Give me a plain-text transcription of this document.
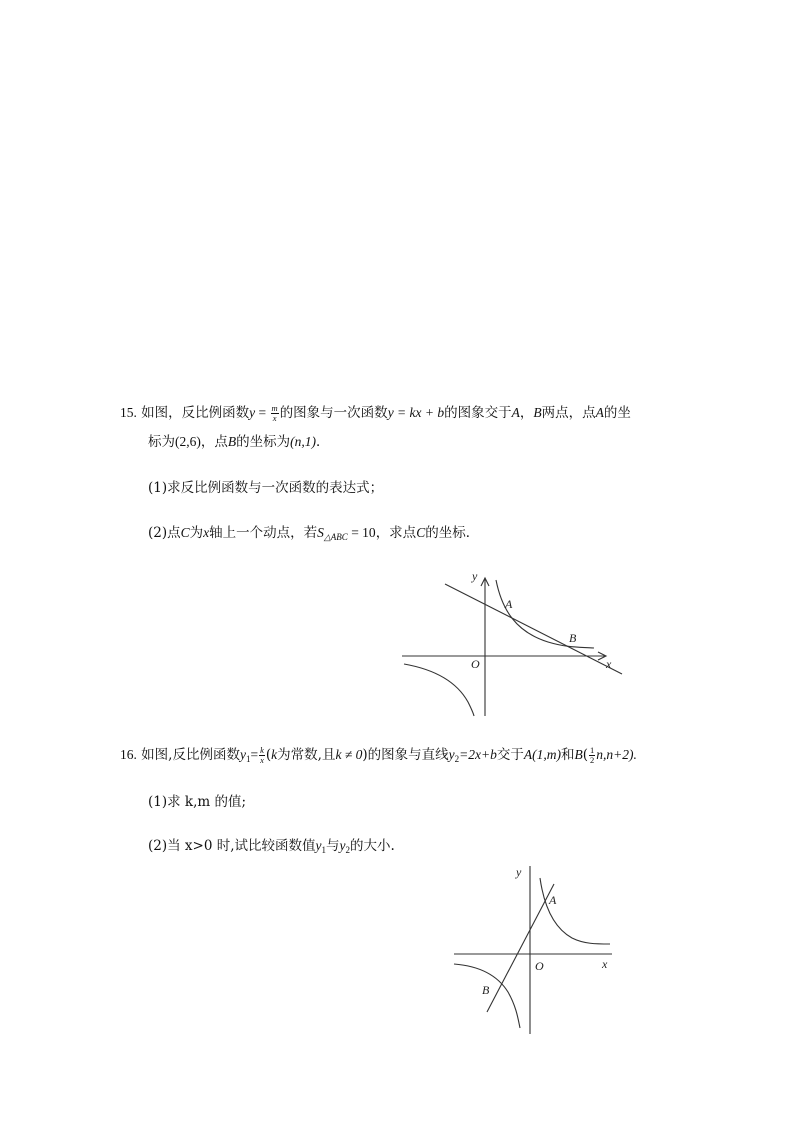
15. 如图，反比例函数$y = \frac{m}{x}$ 的图象与一次函数y = kx + b的图象交于A，B两点，点A的坐
标为(2,6)，点B的坐标为(n,1)．
(1)求反比例函数与一次函数的表达式；
(2)点C为x轴上一个动点，若$S_{\triangle ABC} = 10$，求点C的坐标．
y
x
O
A
B
16. 如图,反比例函数$y_1= \frac{k}{x} (k$为常数,且k ≠ 0)的图象与直线$y_2=2x+b$交于A(1,m)和$B( \frac{1}{2} n,n+2)$.
(1)求 k,m 的值;
(2)当 x>0 时,试比较函数值$y_1$与$y_2$的大小.
y
x
O
A
B
